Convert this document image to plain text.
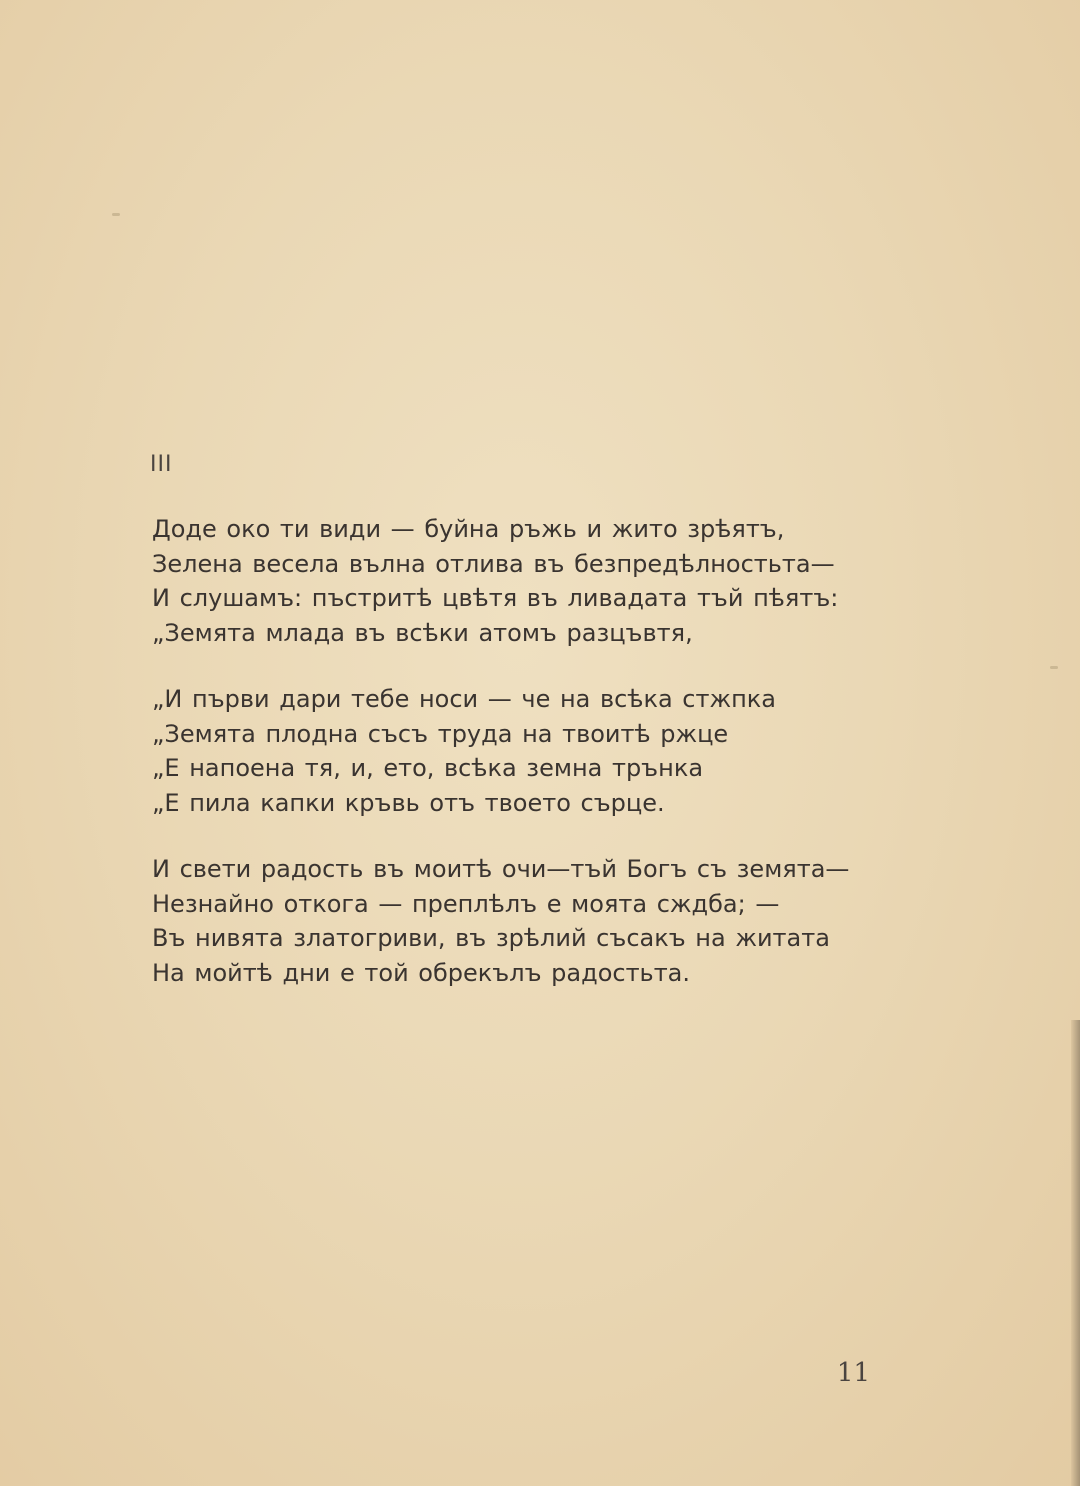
III
Доде око ти види — буйна ръжь и жито зрѣятъ,
Зелена весела вълна отлива въ безпредѣлностьта—
И слушамъ: пъстритѣ цвѣтя въ ливадата тъй пѣятъ:
„Земята млада въ всѣки атомъ разцъвтя,
„И първи дари тебе носи — че на всѣка стжпка
„Земята плодна съсъ труда на твоитѣ ржце
„Е напоена тя, и, ето, всѣка земна трънка
„Е пила капки кръвь отъ твоето сърце.
И свети радость въ моитѣ очи—тъй Богъ съ земята—
Незнайно откога — преплѣлъ е моята сждба; —
Въ нивята златогриви, въ зрѣлий съсакъ на житата
На мойтѣ дни е той обрекълъ радостьта.
11
